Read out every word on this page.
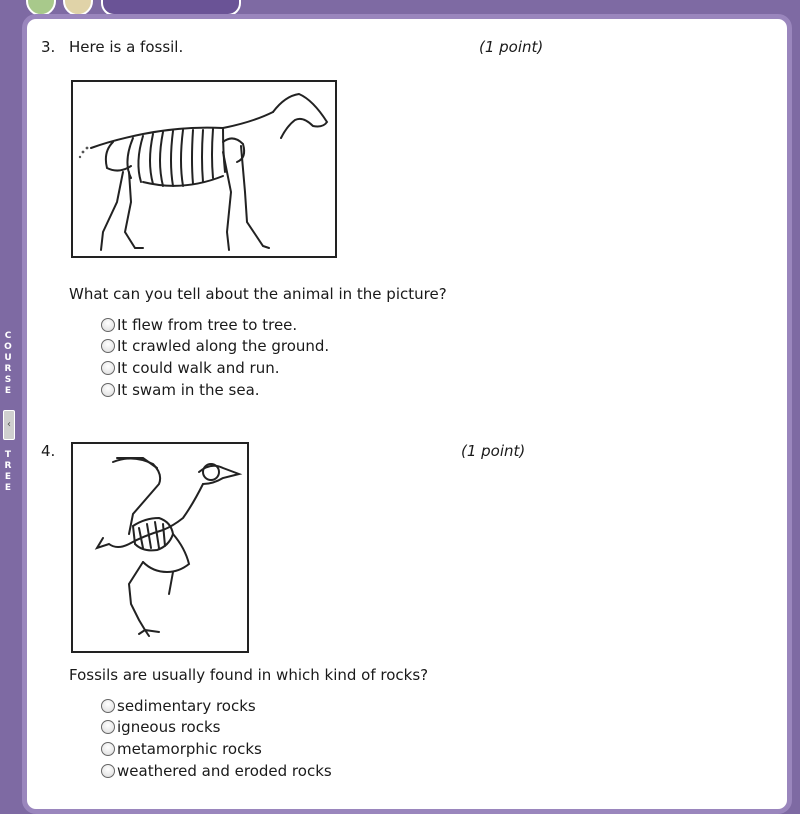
C
O
U
R
S
E
‹
T
R
E
E
3. Here is a fossil.	(1 point)
What can you tell about the animal in the picture?
It flew from tree to tree.
It crawled along the ground.
It could walk and run.
It swam in the sea.
4.	(1 point)
Fossils are usually found in which kind of rocks?
sedimentary rocks
igneous rocks
metamorphic rocks
weathered and eroded rocks
